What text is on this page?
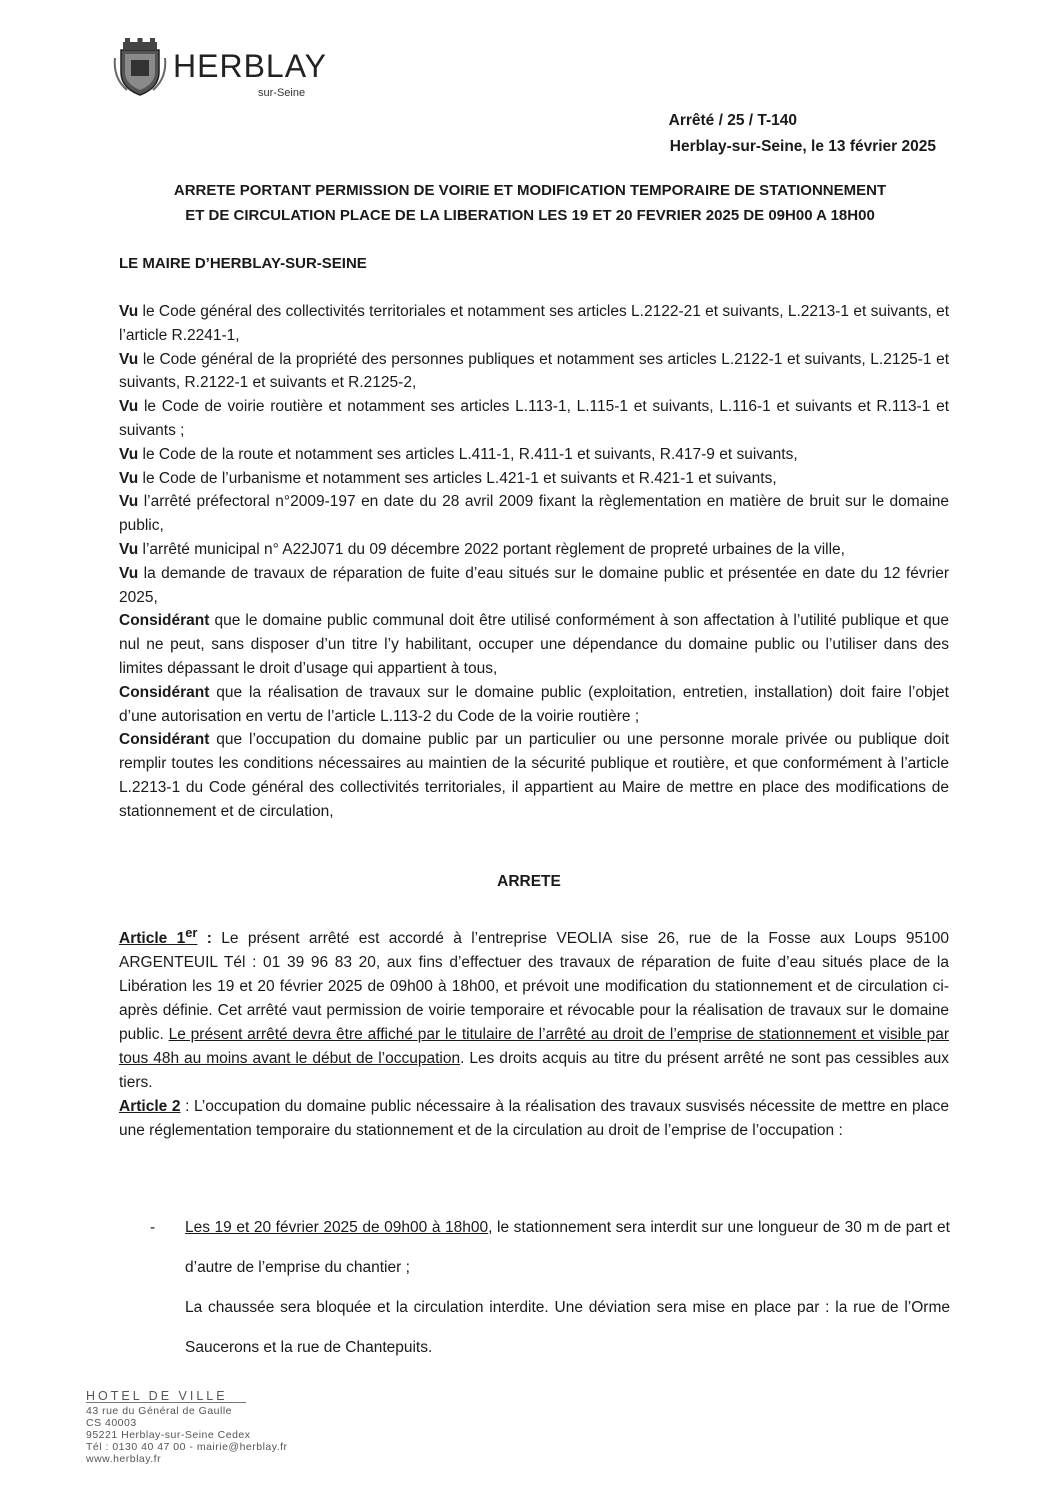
HERBLAY
sur-Seine
Arrêté / 25 / T-140
Herblay-sur-Seine, le 13 février 2025
ARRETE PORTANT PERMISSION DE VOIRIE ET MODIFICATION TEMPORAIRE DE STATIONNEMENT
ET DE CIRCULATION PLACE DE LA LIBERATION LES 19 ET 20 FEVRIER 2025 DE 09H00 A 18H00
LE MAIRE D’HERBLAY-SUR-SEINE

Vu le Code général des collectivités territoriales et notamment ses articles L.2122-21 et suivants, L.2213-1 et suivants, et l’article R.2241-1,

Vu le Code général de la propriété des personnes publiques et notamment ses articles L.2122-1 et suivants, L.2125-1 et suivants, R.2122-1 et suivants et R.2125-2,

Vu le Code de voirie routière et notamment ses articles L.113-1, L.115-1 et suivants, L.116-1 et suivants et R.113-1 et suivants ;

Vu le Code de la route et notamment ses articles L.411-1, R.411-1 et suivants, R.417-9 et suivants,

Vu le Code de l’urbanisme et notamment ses articles L.421-1 et suivants et R.421-1 et suivants,

Vu l’arrêté préfectoral n°2009-197 en date du 28 avril 2009 fixant la règlementation en matière de bruit sur le domaine public,

Vu l’arrêté municipal n° A22J071 du 09 décembre 2022 portant règlement de propreté urbaines de la ville,

Vu la demande de travaux de réparation de fuite d’eau situés sur le domaine public et présentée en date du 12 février 2025,

Considérant que le domaine public communal doit être utilisé conformément à son affectation à l’utilité publique et que nul ne peut, sans disposer d’un titre l’y habilitant, occuper une dépendance du domaine public ou l’utiliser dans des limites dépassant le droit d’usage qui appartient à tous,

Considérant que la réalisation de travaux sur le domaine public (exploitation, entretien, installation) doit faire l’objet d’une autorisation en vertu de l’article L.113-2 du Code de la voirie routière ;

Considérant que l’occupation du domaine public par un particulier ou une personne morale privée ou publique doit remplir toutes les conditions nécessaires au maintien de la sécurité publique et routière, et que conformément à l’article L.2213-1 du Code général des collectivités territoriales, il appartient au Maire de mettre en place des modifications de stationnement et de circulation,

ARRETE

Article 1er : Le présent arrêté est accordé à l’entreprise VEOLIA sise 26, rue de la Fosse aux Loups 95100 ARGENTEUIL Tél : 01 39 96 83 20, aux fins d’effectuer des travaux de réparation de fuite d’eau situés place de la Libération les 19 et 20 février 2025 de 09h00 à 18h00, et prévoit une modification du stationnement et de circulation ci-après définie. Cet arrêté vaut permission de voirie temporaire et révocable pour la réalisation de travaux sur le domaine public. Le présent arrêté devra être affiché par le titulaire de l’arrêté au droit de l’emprise de stationnement et visible par tous 48h au moins avant le début de l’occupation. Les droits acquis au titre du présent arrêté ne sont pas cessibles aux tiers.

Article 2 : L’occupation du domaine public nécessaire à la réalisation des travaux susvisés nécessite de mettre en place une réglementation temporaire du stationnement et de la circulation au droit de l’emprise de l’occupation :

- Les 19 et 20 février 2025 de 09h00 à 18h00, le stationnement sera interdit sur une longueur de 30 m de part et d’autre de l’emprise du chantier ;
La chaussée sera bloquée et la circulation interdite. Une déviation sera mise en place par : la rue de l’Orme Saucerons et la rue de Chantepuits.
HOTEL DE VILLE
43 rue du Général de Gaulle
CS 40003
95221 Herblay-sur-Seine Cedex
Tél : 0130 40 47 00 - mairie@herblay.fr
www.herblay.fr
